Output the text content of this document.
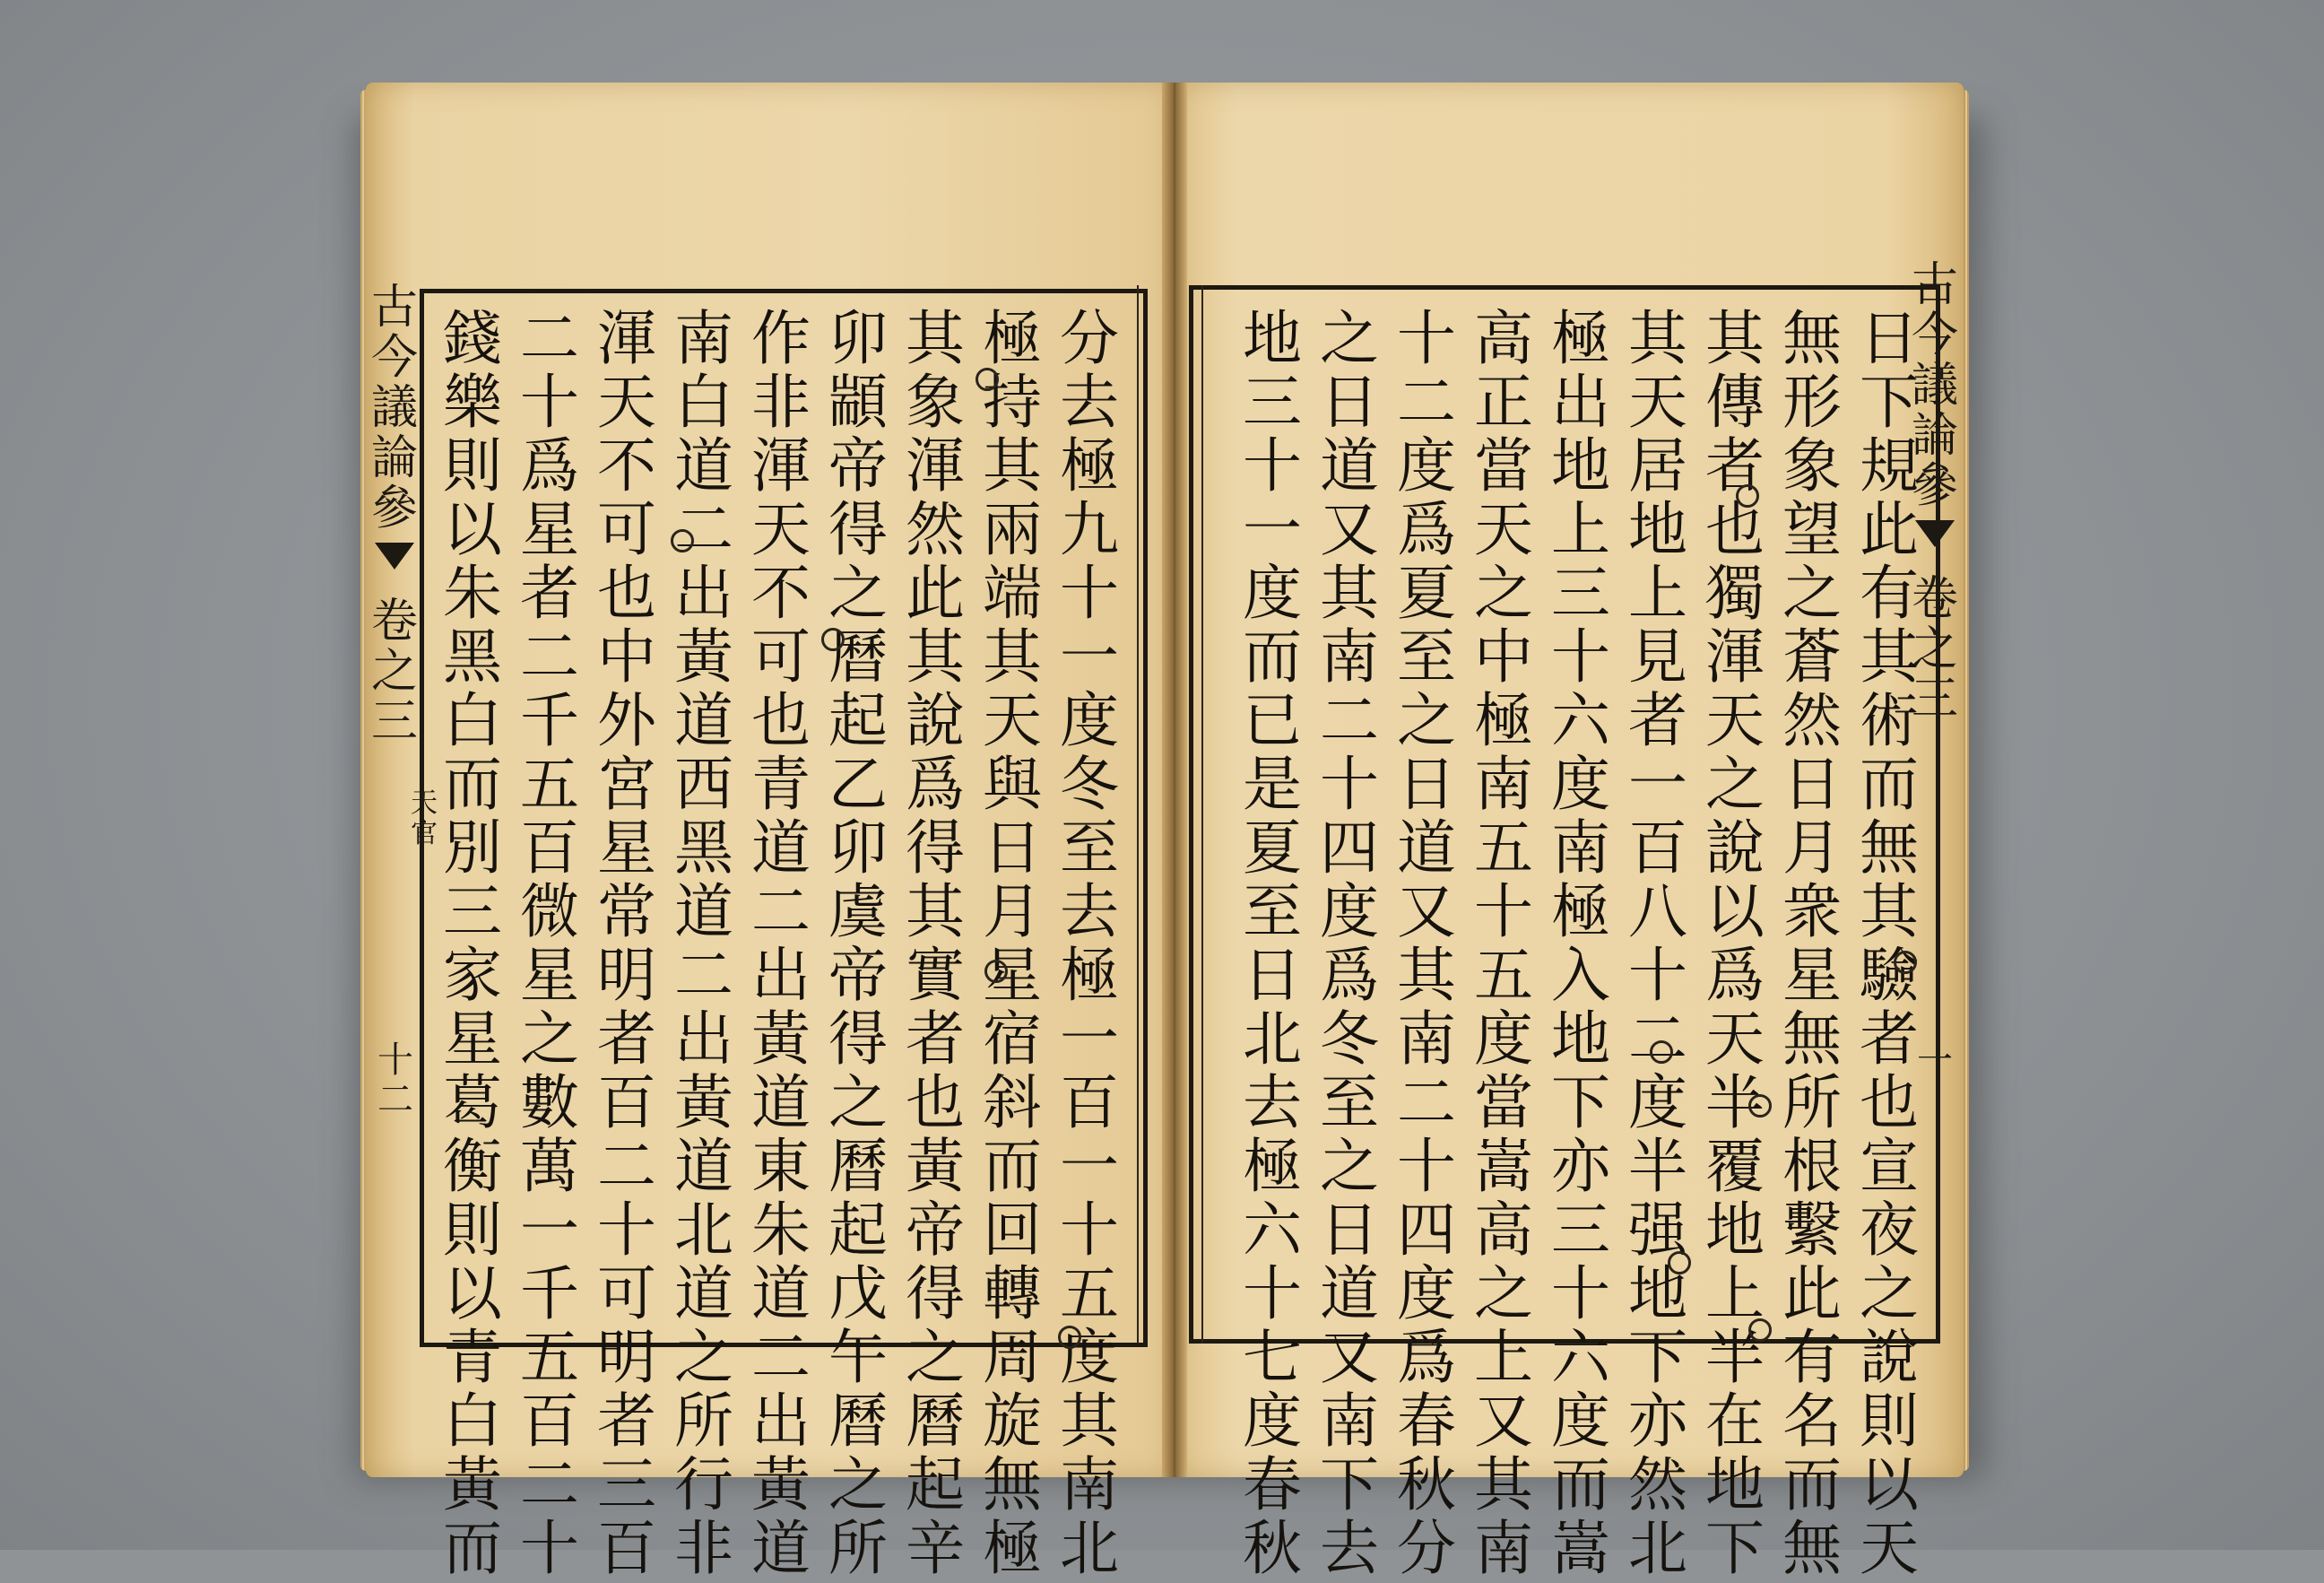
古
今
議
論
參
卷
之
三
天
官
十
二
分
去
極
九
十
一
度
冬
至
去
極
一
百
一
十
五
度
其
南
北
極
持
其
兩
端
其
天
與
日
月
星
宿
斜
而
回
轉
周
旋
無
極
其
象
渾
然
此
其
說
爲
得
其
實
者
也
黃
帝
得
之
曆
起
辛
卯
顓
帝
得
之
曆
起
乙
卯
虞
帝
得
之
曆
起
戊
午
曆
之
所
作
非
渾
天
不
可
也
青
道
二
出
黃
道
東
朱
道
二
出
黃
道
南
白
道
二
出
黃
道
西
黑
道
二
出
黃
道
北
道
之
所
行
非
渾
天
不
可
也
中
外
宮
星
常
明
者
百
二
十
可
明
者
三
百
二
十
爲
星
者
二
千
五
百
微
星
之
數
萬
一
千
五
百
二
十
錢
樂
則
以
朱
黑
白
而
別
三
家
星
葛
衡
則
以
青
白
黃
而
古
今
議
論
參
卷
之
三
一
日
下
規
此
有
其
術
而
無
其
驗
者
也
宣
夜
之
說
則
以
天
無
形
象
望
之
蒼
然
日
月
衆
星
無
所
根
繫
此
有
名
而
無
其
傳
者
也
獨
渾
天
之
說
以
爲
天
半
覆
地
上
半
在
地
下
其
天
居
地
上
見
者
一
百
八
十
二
度
半
强
地
下
亦
然
北
極
出
地
上
三
十
六
度
南
極
入
地
下
亦
三
十
六
度
而
嵩
高
正
當
天
之
中
極
南
五
十
五
度
當
嵩
高
之
上
又
其
南
十
二
度
爲
夏
至
之
日
道
又
其
南
二
十
四
度
爲
春
秋
分
之
日
道
又
其
南
二
十
四
度
爲
冬
至
之
日
道
又
南
下
去
地
三
十
一
度
而
已
是
夏
至
日
北
去
極
六
十
七
度
春
秋
